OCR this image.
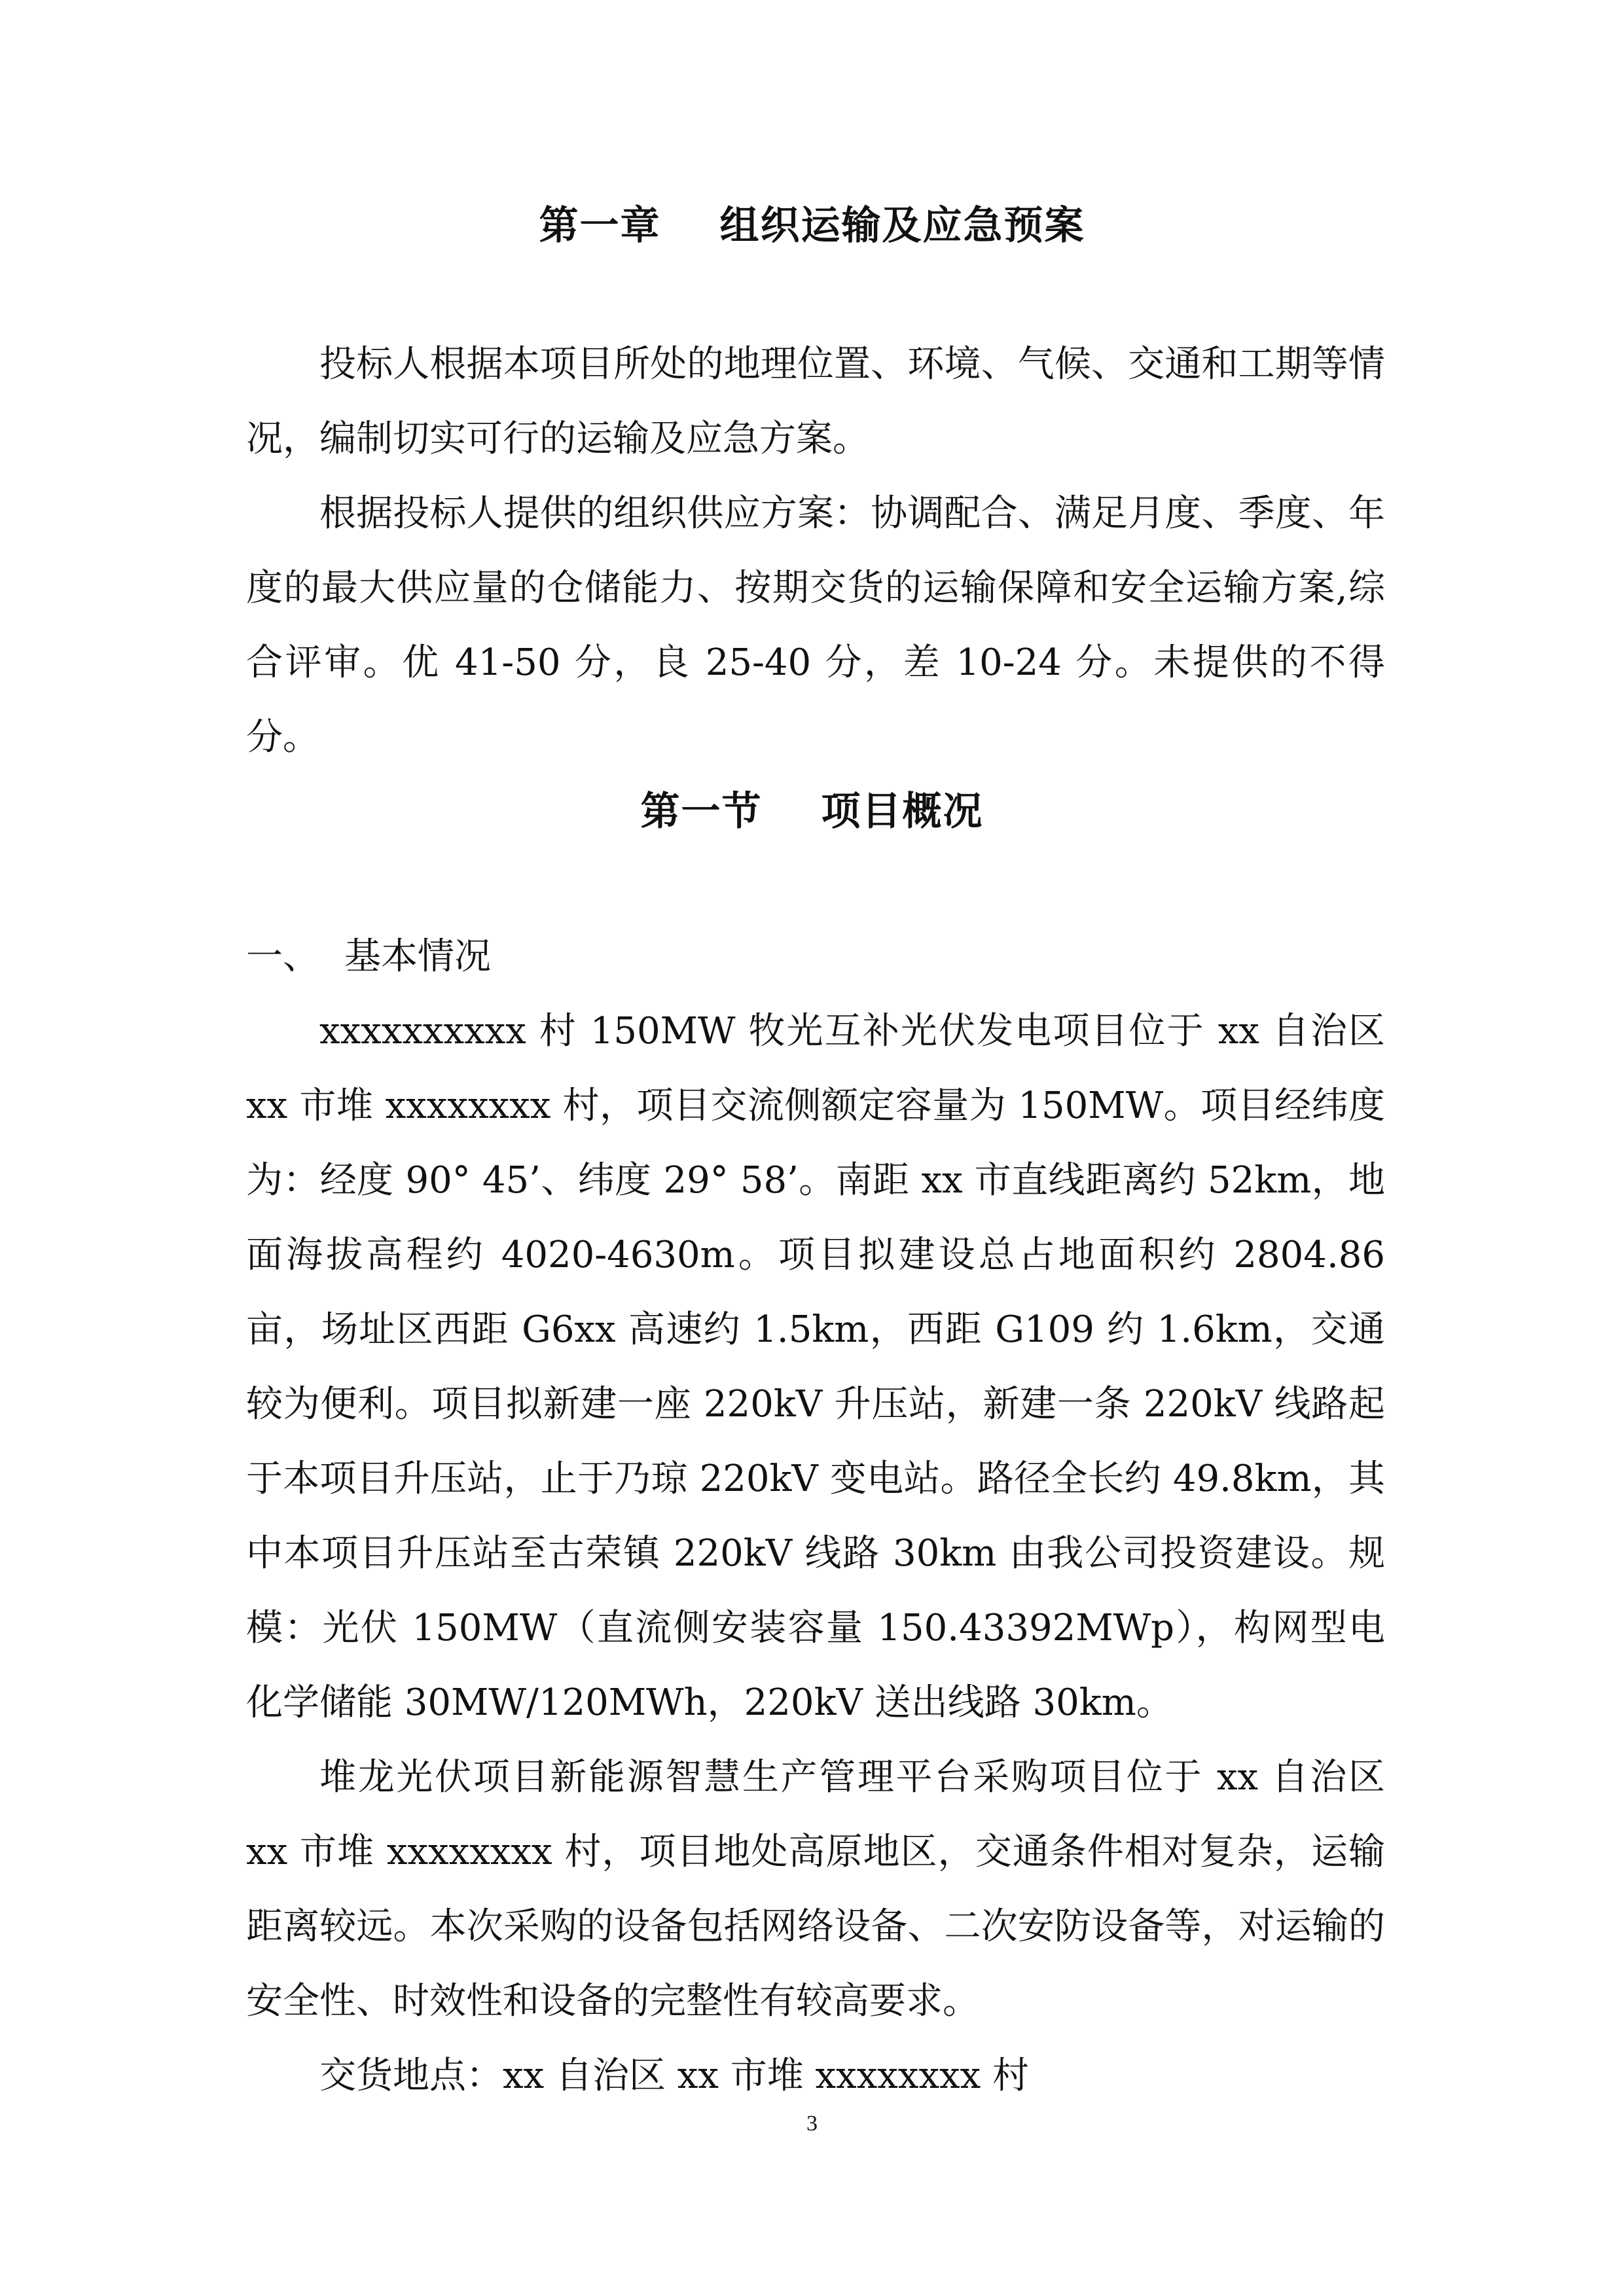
第一章 组织运输及应急预案

投标人根据本项目所处的地理位置、环境、气候、交通和工期等情况，编制切实可行的运输及应急方案。

根据投标人提供的组织供应方案：协调配合、满足月度、季度、年度的最大供应量的仓储能力、按期交货的运输保障和安全运输方案,综合评审。优 41-50 分，良 25-40 分，差 10-24 分。未提供的不得分。

第一节 项目概况
一、 基本情况

xxxxxxxxxx 村 150MW 牧光互补光伏发电项目位于 xx 自治区 xx 市堆 xxxxxxxx 村，项目交流侧额定容量为 150MW。项目经纬度为：经度 90° 45’、纬度 29° 58’。南距 xx 市直线距离约 52km，地面海拔高程约 4020-4630m。项目拟建设总占地面积约 2804.86 亩，场址区西距 G6xx 高速约 1.5km，西距 G109 约 1.6km，交通较为便利。项目拟新建一座 220kV 升压站，新建一条 220kV 线路起于本项目升压站，止于乃琼 220kV 变电站。路径全长约 49.8km，其中本项目升压站至古荣镇 220kV 线路 30km 由我公司投资建设。规模：光伏 150MW（直流侧安装容量 150.43392MWp），构网型电化学储能 30MW/120MWh，220kV 送出线路 30km。

堆龙光伏项目新能源智慧生产管理平台采购项目位于 xx 自治区 xx 市堆 xxxxxxxx 村，项目地处高原地区，交通条件相对复杂，运输距离较远。本次采购的设备包括网络设备、二次安防设备等，对运输的安全性、时效性和设备的完整性有较高要求。

交货地点：xx 自治区 xx 市堆 xxxxxxxx 村

3
